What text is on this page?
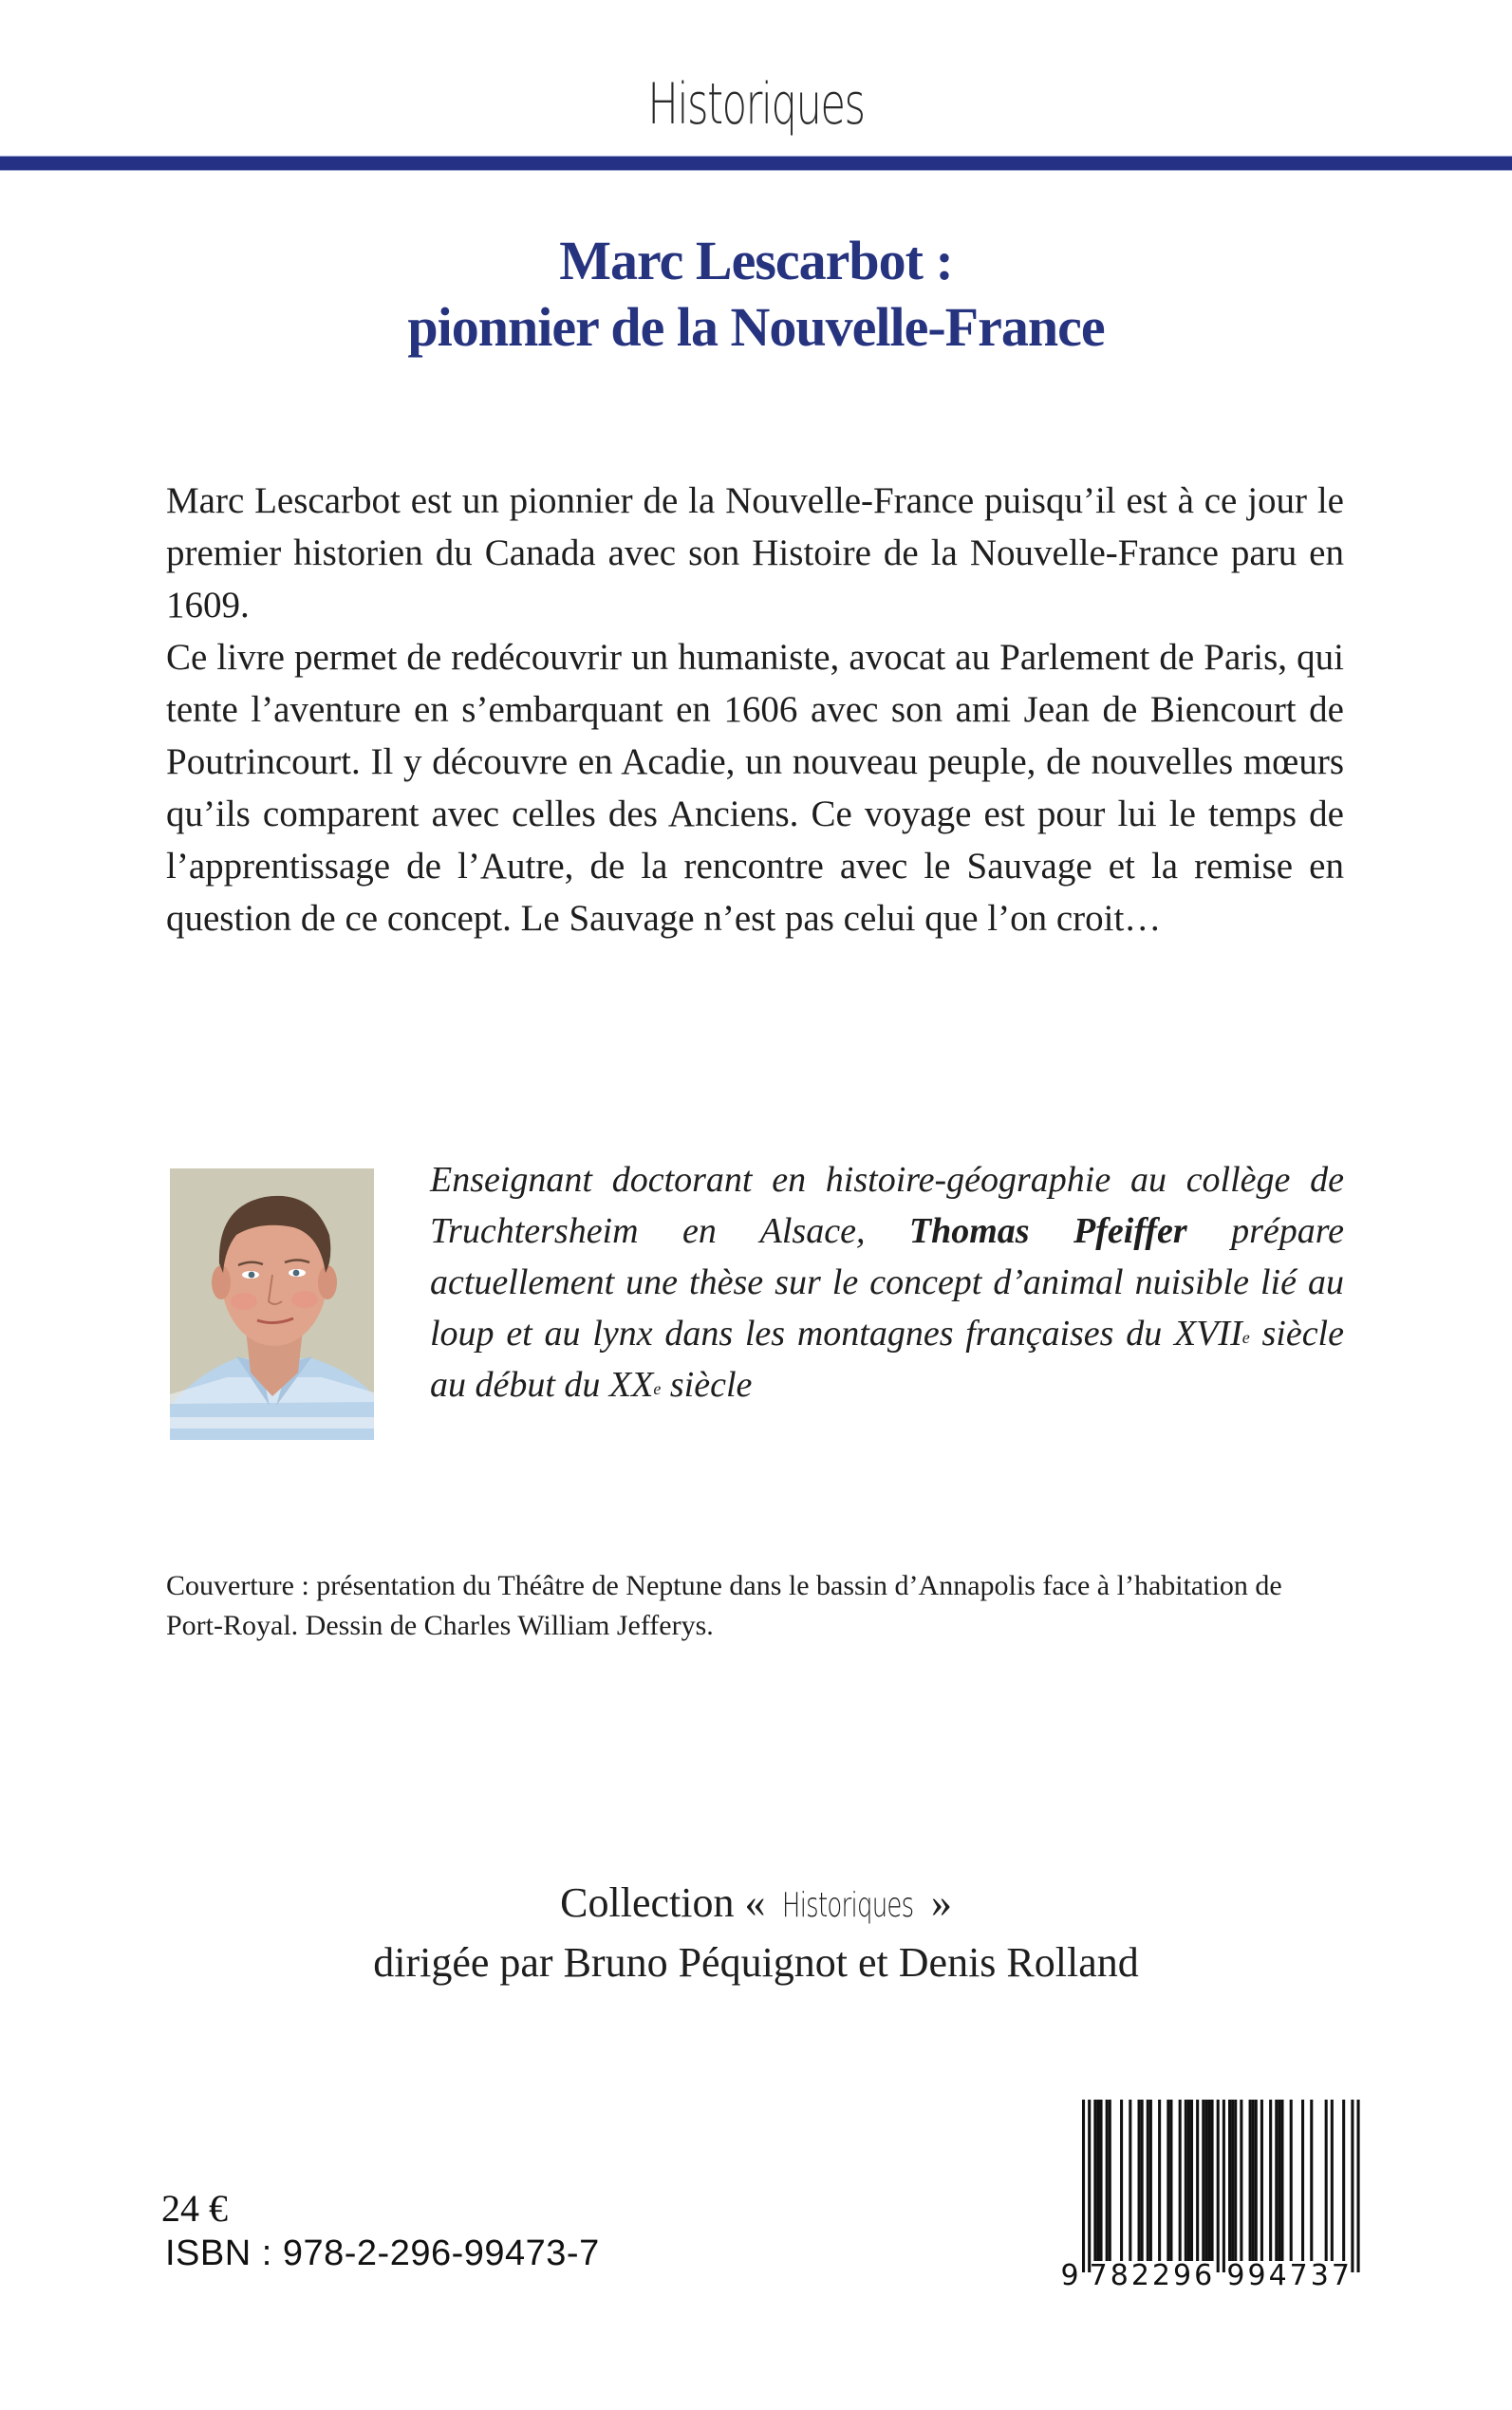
Historiques
Marc Lescarbot :
pionnier de la Nouvelle-France

Marc Lescarbot est un pionnier de la Nouvelle-France puisqu’il est à ce jour le premier historien du Canada avec son Histoire de la Nouvelle-France paru en 1609.

Ce livre permet de redécouvrir un humaniste, avocat au Parlement de Paris, qui tente l’aventure en s’embarquant en 1606 avec son ami Jean de Biencourt de Poutrincourt. Il y découvre en Acadie, un nouveau peuple, de nouvelles mœurs qu’ils comparent avec celles des Anciens. Ce voyage est pour lui le temps de l’apprentissage de l’Autre, de la rencontre avec le Sauvage et la remise en question de ce concept. Le Sauvage n’est pas celui que l’on croit…

Enseignant doctorant en histoire-géographie au collège de Truchtersheim en Alsace, Thomas Pfeiffer prépare actuellement une thèse sur le concept d’animal nuisible lié au loup et au lynx dans les montagnes françaises du XVIIe siècle au début du XXe siècle
Couverture : présentation du Théâtre de Neptune dans le bassin d’Annapolis face à l’habitation de Port-Royal. Dessin de Charles William Jefferys.
Collection « Historiques »
dirigée par Bruno Péquignot et Denis Rolland
24 €
ISBN : 978-2-296-99473-7
9 782296 994737
